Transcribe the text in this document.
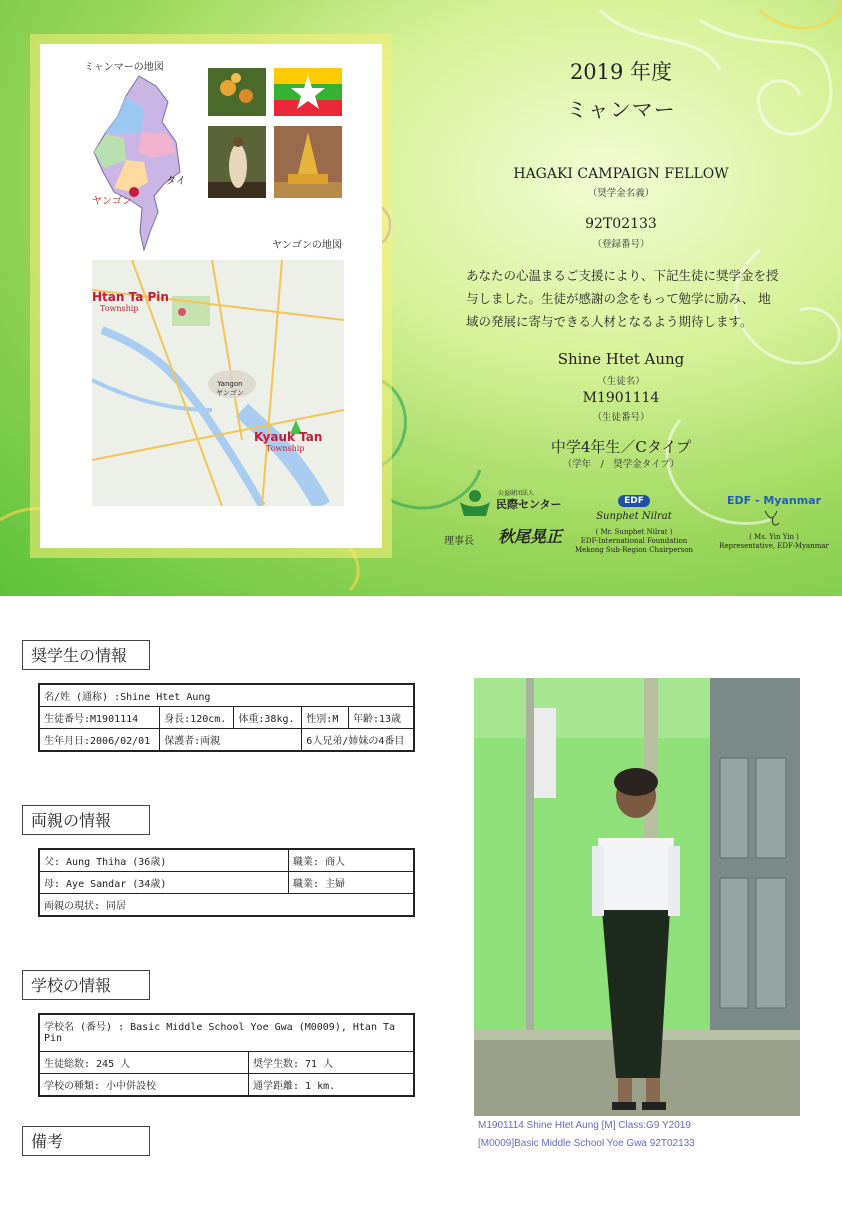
ミャンマーの地図
タイ
ヤンゴン
ヤンゴンの地図
Htan Ta Pin
Township
Kyauk Tan
Township
Yangon
ヤンゴン
2019 年度
ミャンマー
HAGAKI CAMPAIGN FELLOW
（奨学金名義）
92T02133
（登録番号）
あなたの心温まるご支援により、下記生徒に奨学金を授与しました。生徒が感謝の念をもって勉学に励み、 地域の発展に寄与できる人材となるよう期待します。
Shine Htet Aung
（生徒名）
M1901114
（生徒番号）
中学4年生／Cタイプ
（学年　/　奨学金タイプ）
公益財団法人
民際センター
理事長 秋尾晃正
EDF
Sunphet Nilrat
( Mr. Sunphet Nilrat )
EDF-International Foundation
Mekong Sub-Region Chairperson
EDF - Myanmar
( Ms. Yin Yin )
Representative, EDF-Myanmar
奨学生の情報
名/姓 (通称) :Shine Htet Aung				
生徒番号:M1901114	身長:120cm.	体重:38kg.	性別:M	年齢:13歳
生年月日:2006/02/01	保護者:両親		6人兄弟/姉妹の4番目	
両親の情報
父: Aung Thiha (36歳)	職業: 商人
母: Aye Sandar (34歳)	職業: 主婦
両親の現状: 同居	
学校の情報
学校名 (番号) : Basic Middle School Yoe Gwa (M0009), Htan Ta Pin	
生徒総数: 245 人	奨学生数: 71 人
学校の種類: 小中併設校	通学距離: 1 km.
備考
M1901114 Shine Htet Aung [M] Class:G9 Y2019
[M0009]Basic Middle School Yoe Gwa 92T02133
